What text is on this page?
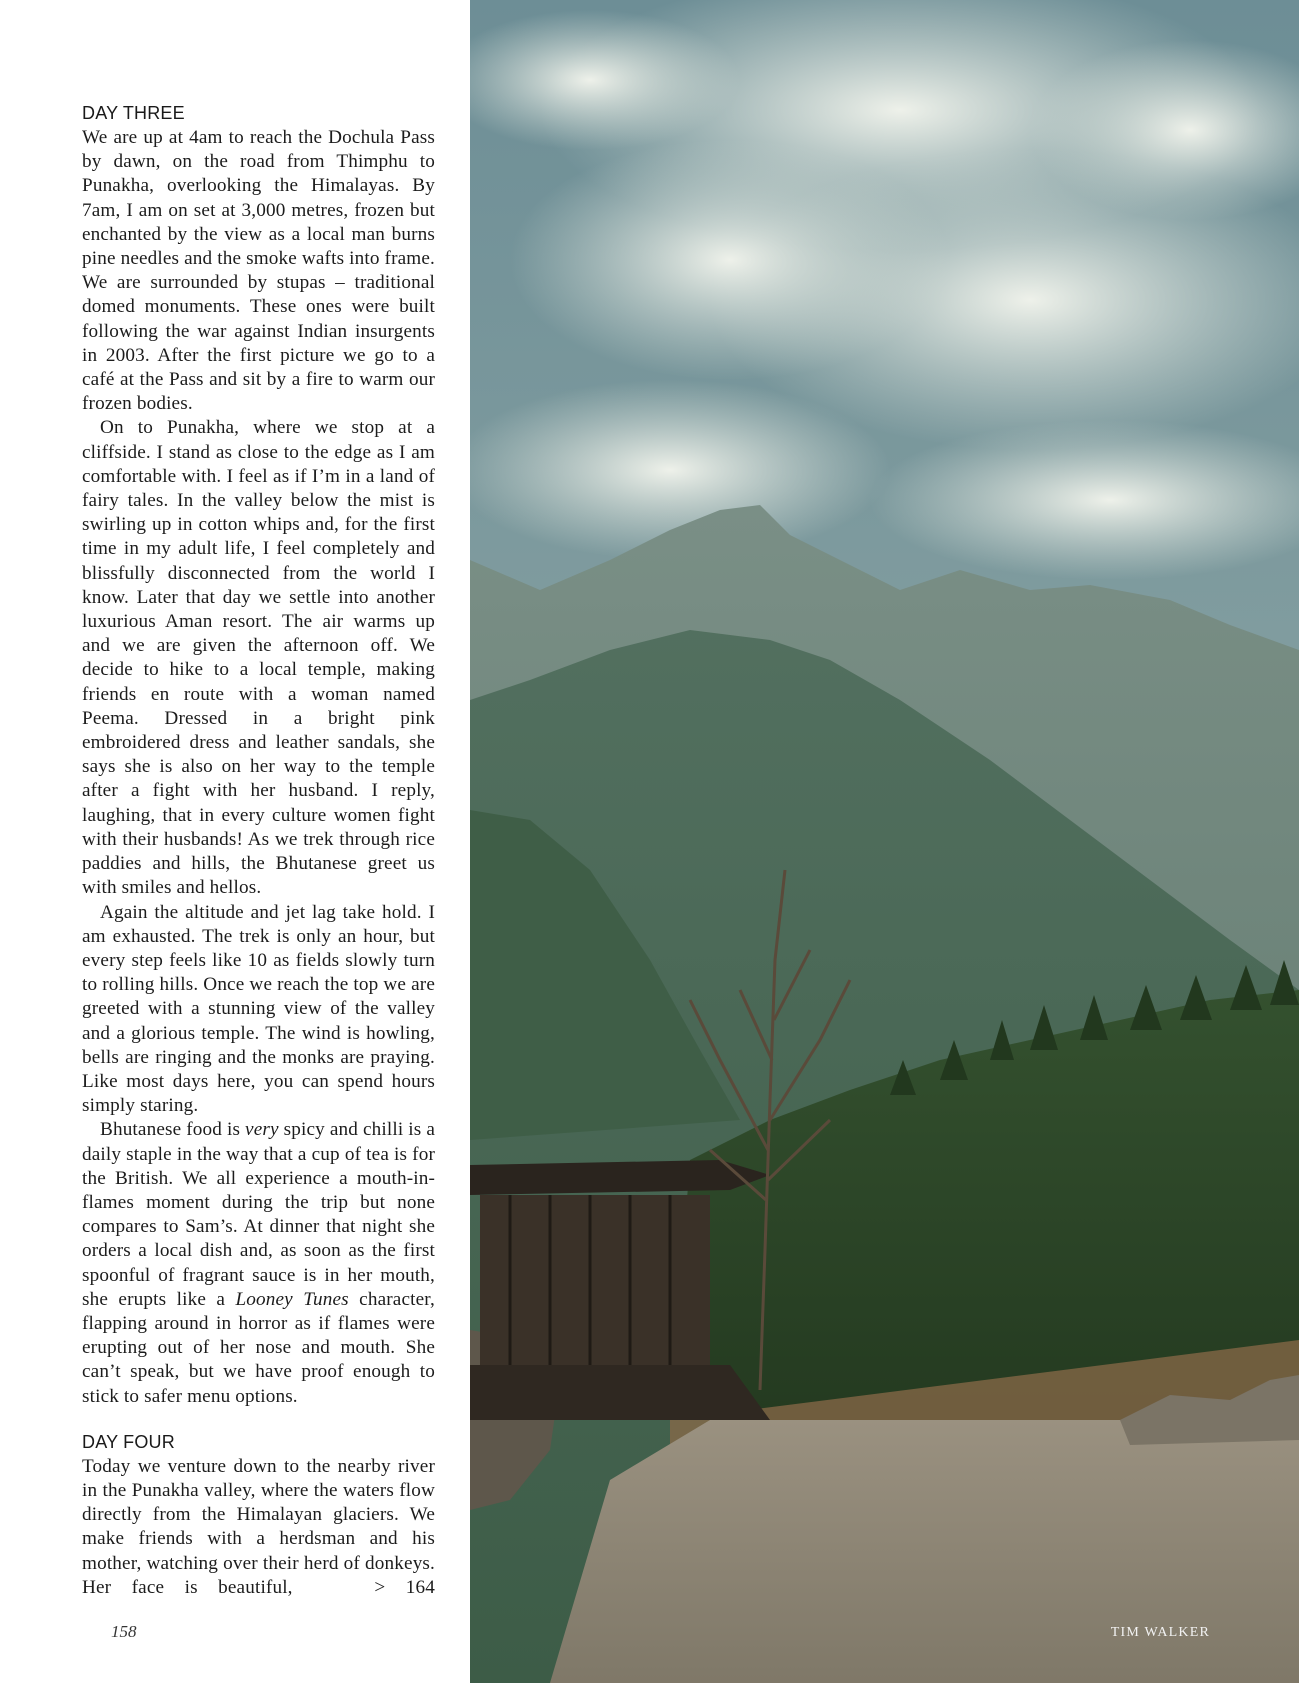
DAY THREE

We are up at 4am to reach the Dochula Pass by dawn, on the road from Thimphu to Punakha, overlooking the Himalayas. By 7am, I am on set at 3,000 metres, frozen but enchanted by the view as a local man burns pine needles and the smoke wafts into frame. We are surrounded by stupas – traditional domed monuments. These ones were built following the war against Indian insurgents in 2003. After the first picture we go to a café at the Pass and sit by a fire to warm our frozen bodies.

On to Punakha, where we stop at a cliffside. I stand as close to the edge as I am comfortable with. I feel as if I’m in a land of fairy tales. In the valley below the mist is swirling up in cotton whips and, for the first time in my adult life, I feel completely and blissfully disconnected from the world I know. Later that day we settle into another luxurious Aman resort. The air warms up and we are given the afternoon off. We decide to hike to a local temple, making friends en route with a woman named Peema. Dressed in a bright pink embroidered dress and leather sandals, she says she is also on her way to the temple after a fight with her husband. I reply, laughing, that in every culture women fight with their husbands! As we trek through rice paddies and hills, the Bhutanese greet us with smiles and hellos.

Again the altitude and jet lag take hold. I am exhausted. The trek is only an hour, but every step feels like 10 as fields slowly turn to rolling hills. Once we reach the top we are greeted with a stunning view of the valley and a glorious temple. The wind is howling, bells are ringing and the monks are praying. Like most days here, you can spend hours simply staring.

Bhutanese food is very spicy and chilli is a daily staple in the way that a cup of tea is for the British. We all experience a mouth-in-flames moment during the trip but none compares to Sam’s. At dinner that night she orders a local dish and, as soon as the first spoonful of fragrant sauce is in her mouth, she erupts like a Looney Tunes character, flapping around in horror as if flames were erupting out of her nose and mouth. She can’t speak, but we have proof enough to stick to safer menu options.

DAY FOUR

Today we venture down to the nearby river in the Punakha valley, where the waters flow directly from the Himalayan glaciers. We make friends with a herdsman and his mother, watching over their herd of donkeys. Her face is beautiful,	> 164

158	TIM WALKER
